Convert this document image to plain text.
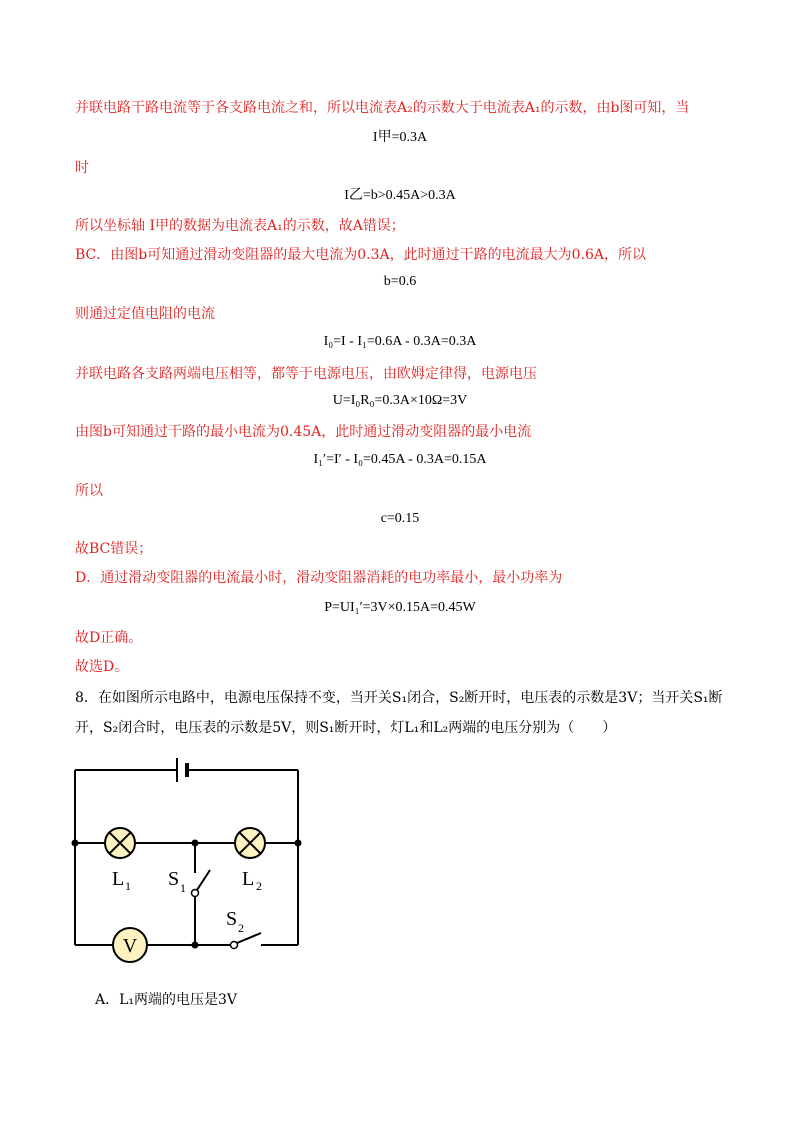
并联电路干路电流等于各支路电流之和，所以电流表A₂的示数大于电流表A₁的示数，由b图可知，当
I甲=0.3A
时
I乙=b>0.45A>0.3A
所以坐标轴 I甲的数据为电流表A₁的示数，故A错误；
BC．由图b可知通过滑动变阻器的最大电流为0.3A，此时通过干路的电流最大为0.6A，所以
b=0.6
则通过定值电阻的电流
I₀=I - I₁=0.6A - 0.3A=0.3A
并联电路各支路两端电压相等，都等于电源电压，由欧姆定律得，电源电压
U=I₀R₀=0.3A×10Ω=3V
由图b可知通过干路的最小电流为0.45A，此时通过滑动变阻器的最小电流
I₁′=I′ - I₀=0.45A - 0.3A=0.15A
所以
c=0.15
故BC错误；
D．通过滑动变阻器的电流最小时，滑动变阻器消耗的电功率最小，最小功率为
P=UI₁′=3V×0.15A=0.45W
故D正确。
故选D。
8．在如图所示电路中，电源电压保持不变，当开关S₁闭合，S₂断开时，电压表的示数是3V；当开关S₁断
开，S₂闭合时，电压表的示数是5V，则S₁断开时，灯L₁和L₂两端的电压分别为（　　）
V
L 1 S 1	L 2
S 2
A．L₁两端的电压是3V
